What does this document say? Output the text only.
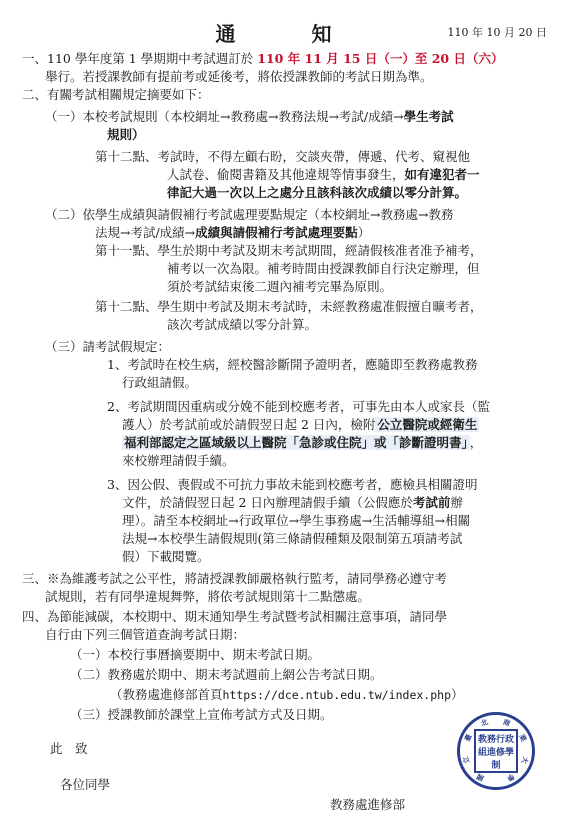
通　知	110 年 10 月 20 日
一、110 學年度第 1 學期期中考試週訂於 110 年 11 月 15 日（一）至 20 日（六）
舉行。若授課教師有提前考或延後考，將依授課教師的考試日期為準。
二、有關考試相關規定摘要如下：
（一）本校考試規則（本校網址→教務處→教務法規→考試/成績→學生考試
規則）
第十二點、考試時，不得左顧右盼，交談夾帶，傳遞、代考、窺視他
人試卷、偷閱書籍及其他違規等情事發生，如有違犯者一
律記大過一次以上之處分且該科該次成績以零分計算。
（二）依學生成績與請假補行考試處理要點規定（本校網址→教務處→教務
法規→考試/成績→成績與請假補行考試處理要點）
第十一點、學生於期中考試及期末考試期間，經請假核准者准予補考，
補考以一次為限。補考時間由授課教師自行決定辦理，但
須於考試結束後二週內補考完畢為原則。
第十二點、學生期中考試及期末考試時，未經教務處准假擅自曠考者，
該次考試成績以零分計算。
（三）請考試假規定：
1、考試時在校生病，經校醫診斷開予證明者，應隨即至教務處教務
行政組請假。
2、考試期間因重病或分娩不能到校應考者，可事先由本人或家長（監
護人）於考試前或於請假翌日起 2 日內，檢附 公立醫院或經衛生
福利部認定之區域級以上醫院「急診或住院」或「診斷證明書」 ，
來校辦理請假手續。
3、因公假、喪假或不可抗力事故未能到校應考者，應檢具相關證明
文件，於請假翌日起 2 日內辦理請假手續（公假應於考試前辦
理）。請至本校網址→行政單位→學生事務處→生活輔導組→相關
法規→本校學生請假規則(第三條請假種類及限制第五項請考試
假）下載閱覽。
三、※為維護考試之公平性，將請授課教師嚴格執行監考，請同學務必遵守考
試規則，若有同學違規舞弊，將依考試規則第十二點懲處。
四、為節能減碳，本校期中、期末通知學生考試暨考試相關注意事項，請同學
自行由下列三個管道查詢考試日期：
（一）本校行事曆摘要期中、期末考試日期。
（二）教務處於期中、期末考試週前上網公告考試日期。
（教務處進修部首頁https://dce.ntub.edu.tw/index.php）
（三）授課教師於課堂上宣佈考試方式及日期。
此　致
各位同學
教務處進修部
國
立
臺
北 商
業
大
學
教務行政組進修學制
